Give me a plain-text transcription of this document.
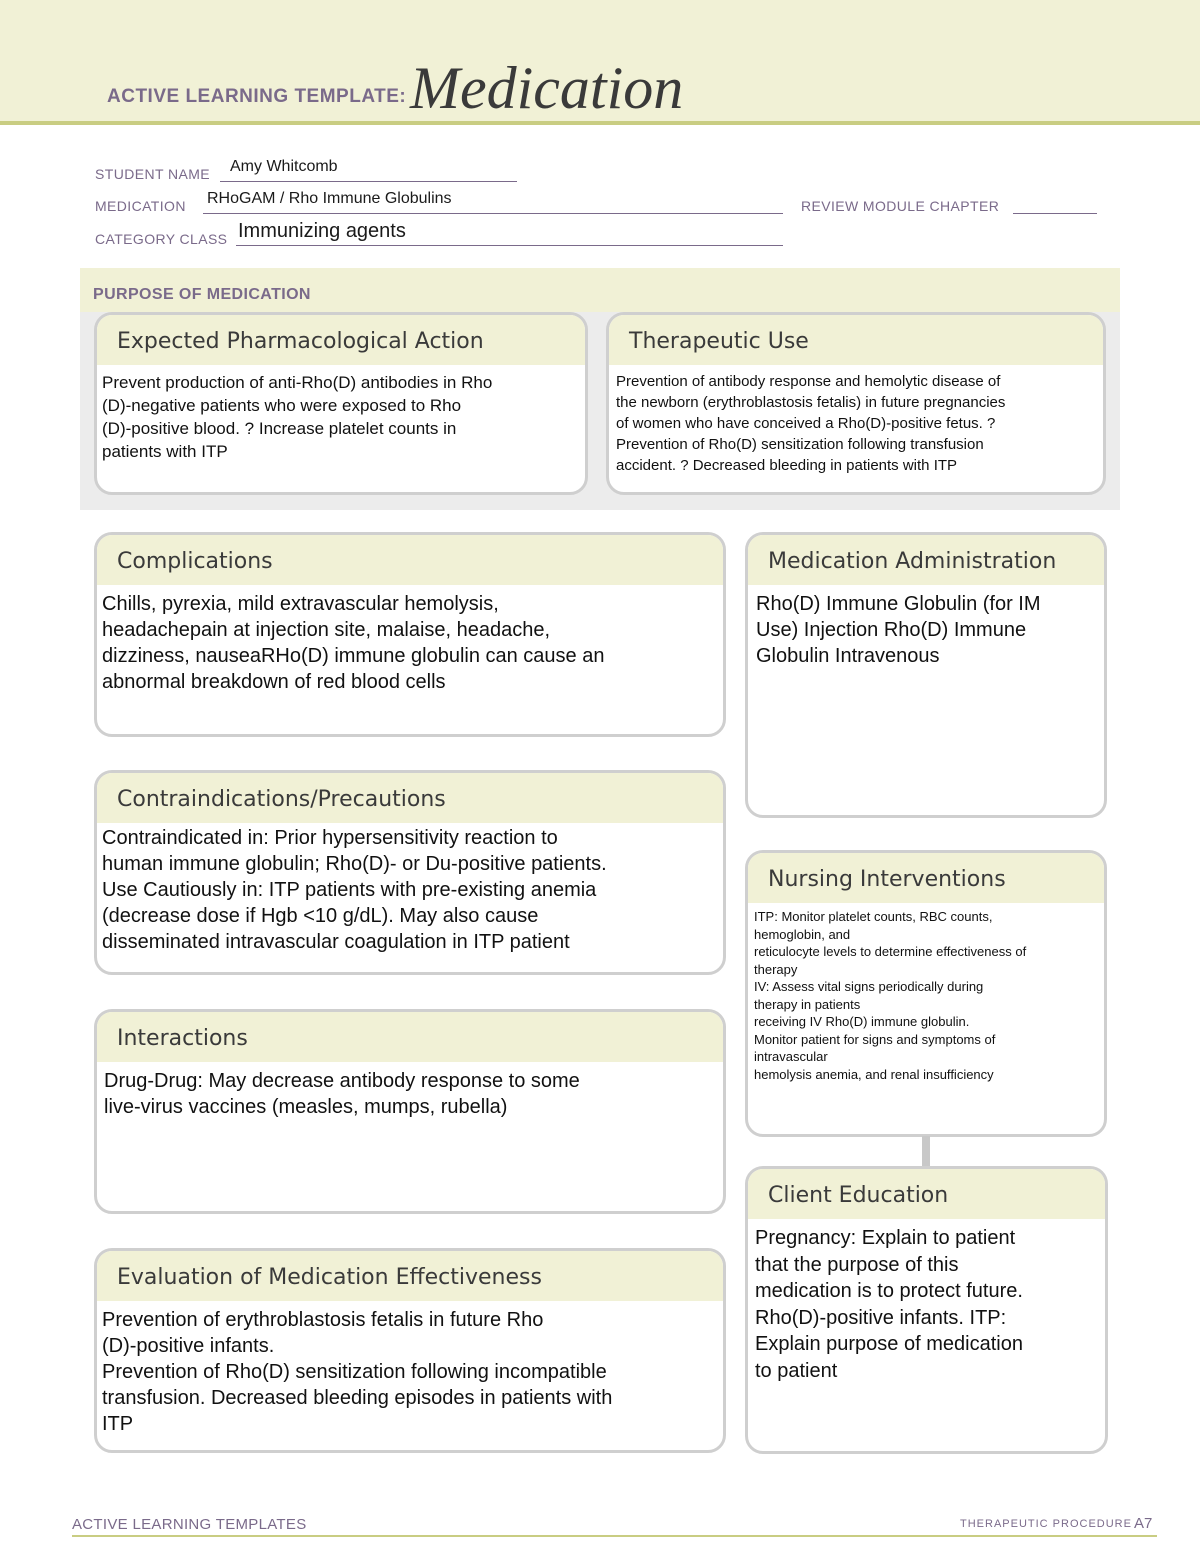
ACTIVE LEARNING TEMPLATE: Medication
STUDENT NAME Amy Whitcomb
MEDICATION RHoGAM / Rho Immune Globulins	REVIEW MODULE CHAPTER
CATEGORY CLASS Immunizing agents
PURPOSE OF MEDICATION
Expected Pharmacological Action
Prevent production of anti-Rho(D) antibodies in Rho
(D)-negative patients who were exposed to Rho
(D)-positive blood. ? Increase platelet counts in
patients with ITP
Therapeutic Use
Prevention of antibody response and hemolytic disease of
the newborn (erythroblastosis fetalis) in future pregnancies
of women who have conceived a Rho(D)-positive fetus. ?
Prevention of Rho(D) sensitization following transfusion
accident. ? Decreased bleeding in patients with ITP
Complications
Chills, pyrexia, mild extravascular hemolysis,
headachepain at injection site, malaise, headache,
dizziness, nauseaRHo(D) immune globulin can cause an
abnormal breakdown of red blood cells
Contraindications/Precautions
Contraindicated in: Prior hypersensitivity reaction to
human immune globulin; Rho(D)- or Du-positive patients.
Use Cautiously in: ITP patients with pre-existing anemia
(decrease dose if Hgb <10 g/dL). May also cause
disseminated intravascular coagulation in ITP patient
Interactions
Drug-Drug: May decrease antibody response to some
live-virus vaccines (measles, mumps, rubella)
Evaluation of Medication Effectiveness
Prevention of erythroblastosis fetalis in future Rho
(D)-positive infants.
Prevention of Rho(D) sensitization following incompatible
transfusion. Decreased bleeding episodes in patients with
ITP
Medication Administration
Rho(D) Immune Globulin (for IM
Use) Injection Rho(D) Immune
Globulin Intravenous
Nursing Interventions
ITP: Monitor platelet counts, RBC counts,
hemoglobin, and
reticulocyte levels to determine effectiveness of
therapy
IV: Assess vital signs periodically during
therapy in patients
receiving IV Rho(D) immune globulin.
Monitor patient for signs and symptoms of
intravascular
hemolysis anemia, and renal insufficiency
Client Education
Pregnancy: Explain to patient
that the purpose of this
medication is to protect future.
Rho(D)-positive infants. ITP:
Explain purpose of medication
to patient
ACTIVE LEARNING TEMPLATES	THERAPEUTIC PROCEDURE A7
